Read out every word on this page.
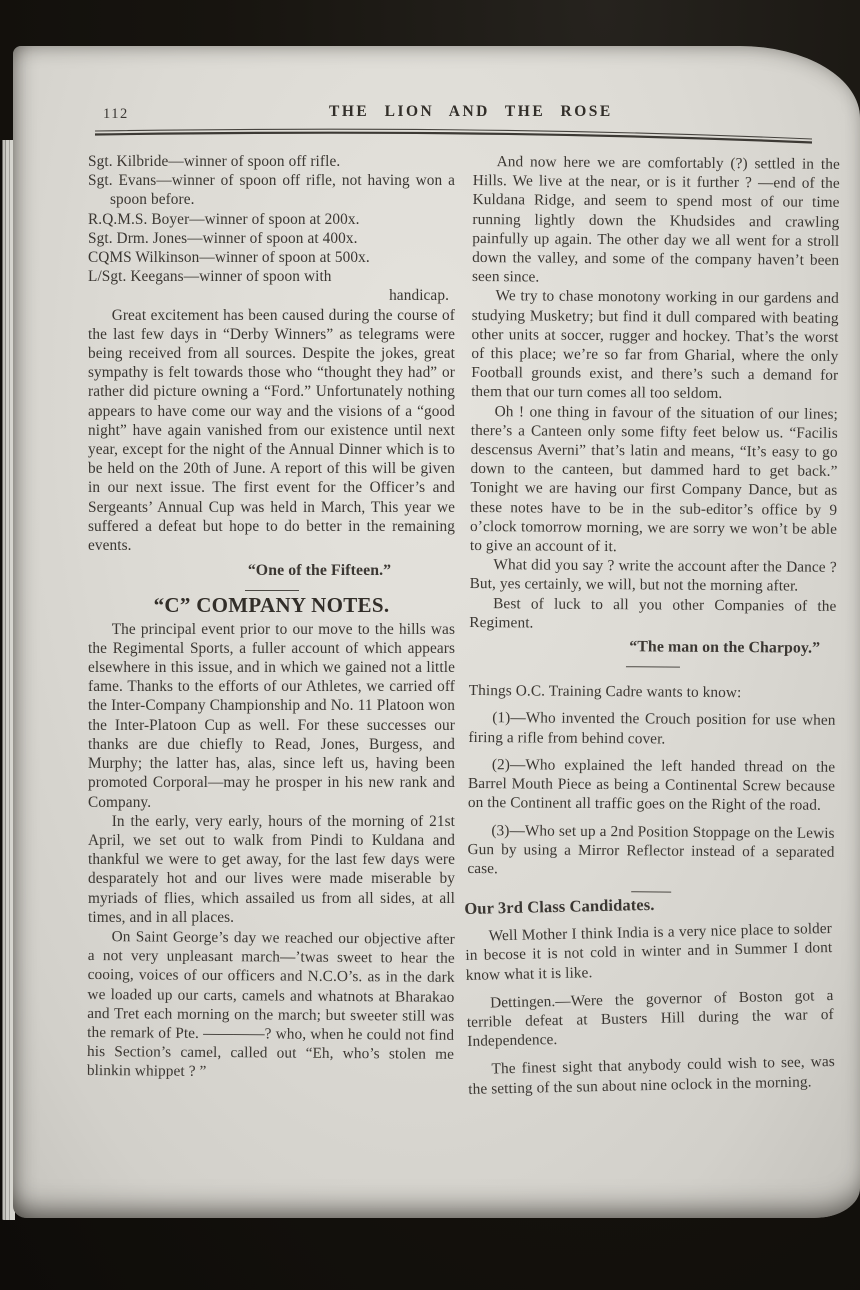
112	THE LION AND THE ROSE

Sgt. Kilbride—winner of spoon off rifle.

Sgt. Evans—winner of spoon off rifle, not having won a spoon before.

R.Q.M.S. Boyer—winner of spoon at 200x.

Sgt. Drm. Jones—winner of spoon at 400x.

CQMS Wilkinson—winner of spoon at 500x.

L/Sgt. Keegans—winner of spoon with

handicap.

Great excitement has been caused during the course of the last few days in “Derby Winners” as telegrams were being received from all sources. Despite the jokes, great sympathy is felt towards those who “thought they had” or rather did picture owning a “Ford.” Unfortunately nothing appears to have come our way and the visions of a “good night” have again vanished from our existence until next year, except for the night of the Annual Dinner which is to be held on the 20th of June. A report of this will be given in our next issue. The first event for the Officer’s and Sergeants’ Annual Cup was held in March, This year we suffered a defeat but hope to do better in the remaining events.

“One of the Fifteen.”

“C” COMPANY NOTES.

The principal event prior to our move to the hills was the Regimental Sports, a fuller account of which appears elsewhere in this issue, and in which we gained not a little fame. Thanks to the efforts of our Athletes, we carried off the Inter-Company Championship and No. 11 Platoon won the Inter-Platoon Cup as well. For these successes our thanks are due chiefly to Read, Jones, Burgess, and Murphy; the latter has, alas, since left us, having been promoted Corporal—may he prosper in his new rank and Company.

In the early, very early, hours of the morning of 21st April, we set out to walk from Pindi to Kuldana and thankful we were to get away, for the last few days were desparately hot and our lives were made miserable by myriads of flies, which assailed us from all sides, at all times, and in all places.

On Saint George’s day we reached our objective after a not very unpleasant march—’twas sweet to hear the cooing, voices of our officers and N.C.O’s. as in the dark we loaded up our carts, camels and whatnots at Bharakao and Tret each morning on the march; but sweeter still was the remark of Pte. ————? who, when he could not find his Section’s camel, called out “Eh, who’s stolen me blinkin whippet ? ”

And now here we are comfortably (?) settled in the Hills. We live at the near, or is it further ? —end of the Kuldana Ridge, and seem to spend most of our time running lightly down the Khudsides and crawling painfully up again. The other day we all went for a stroll down the valley, and some of the company haven’t been seen since.

We try to chase monotony working in our gardens and studying Musketry; but find it dull compared with beating other units at soccer, rugger and hockey. That’s the worst of this place; we’re so far from Gharial, where the only Football grounds exist, and there’s such a demand for them that our turn comes all too seldom.

Oh ! one thing in favour of the situation of our lines; there’s a Canteen only some fifty feet below us. “Facilis descensus Averni” that’s latin and means, “It’s easy to go down to the canteen, but dammed hard to get back.” Tonight we are having our first Company Dance, but as these notes have to be in the sub-editor’s office by 9 o’clock tomorrow morning, we are sorry we won’t be able to give an account of it.

What did you say ? write the account after the Dance ? But, yes certainly, we will, but not the morning after.

Best of luck to all you other Companies of the Regiment.

“The man on the Charpoy.”

Things O.C. Training Cadre wants to know:

(1)—Who invented the Crouch position for use when firing a rifle from behind cover.

(2)—Who explained the left handed thread on the Barrel Mouth Piece as being a Continental Screw because on the Continent all traffic goes on the Right of the road.

(3)—Who set up a 2nd Position Stoppage on the Lewis Gun by using a Mirror Reflector instead of a separated case.

Our 3rd Class Candidates.

Well Mother I think India is a very nice place to solder in becose it is not cold in winter and in Summer I dont know what it is like.

Dettingen.—Were the governor of Boston got a terrible defeat at Busters Hill during the war of Independence.

The finest sight that anybody could wish to see, was the setting of the sun about nine oclock in the morning.
